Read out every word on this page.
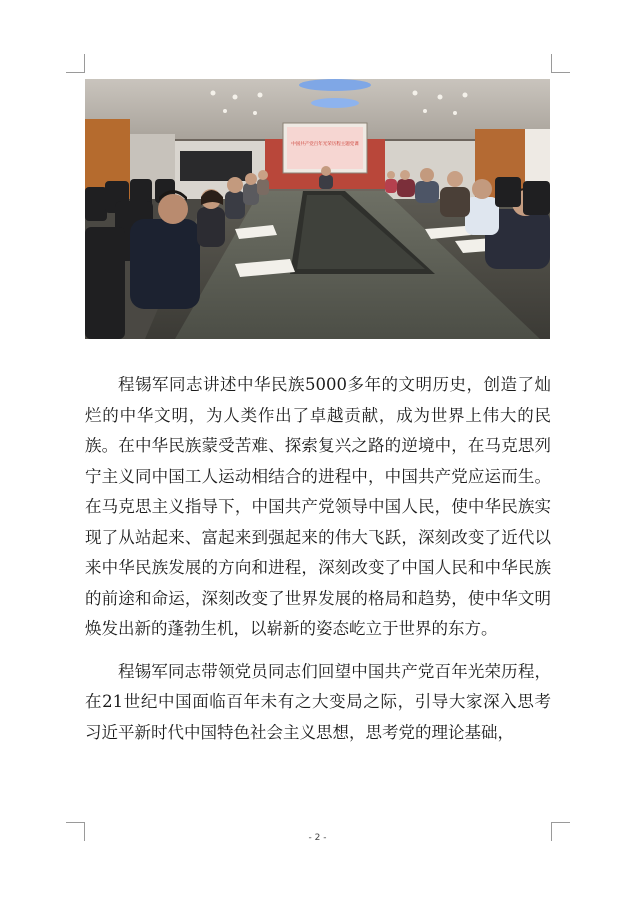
中国共产党百年光荣历程主题党课

程锡军同志讲述中华民族5000多年的文明历史，创造了灿烂的中华文明，为人类作出了卓越贡献，成为世界上伟大的民族。在中华民族蒙受苦难、探索复兴之路的逆境中，在马克思列宁主义同中国工人运动相结合的进程中，中国共产党应运而生。在马克思主义指导下，中国共产党领导中国人民，使中华民族实现了从站起来、富起来到强起来的伟大飞跃，深刻改变了近代以来中华民族发展的方向和进程，深刻改变了中国人民和中华民族的前途和命运，深刻改变了世界发展的格局和趋势，使中华文明焕发出新的蓬勃生机，以崭新的姿态屹立于世界的东方。

程锡军同志带领党员同志们回望中国共产党百年光荣历程，在21世纪中国面临百年未有之大变局之际，引导大家深入思考习近平新时代中国特色社会主义思想，思考党的理论基础，

- 2 -
